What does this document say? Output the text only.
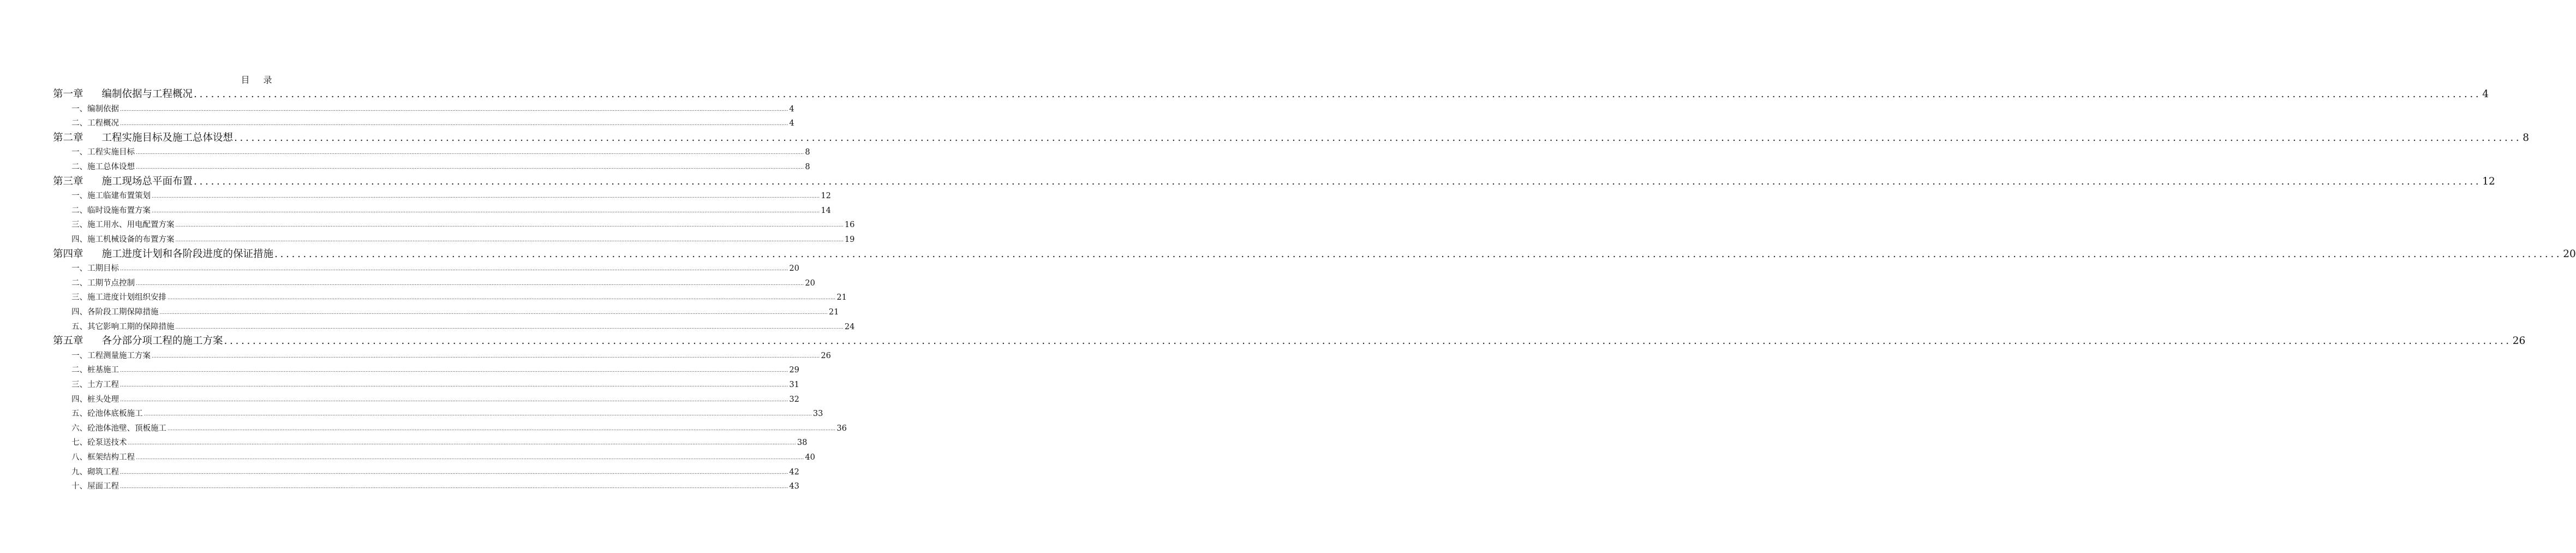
目 录
第一章 编制依据与工程概况 ................................................................................................................................................................................................................................................................................................................................................................................................................ 4
一、 编制依据 ................................................................................................................................................................................................................................................................................................................................................................................................................ 4
二、 工程概况 ................................................................................................................................................................................................................................................................................................................................................................................................................ 4
第二章 工程实施目标及施工总体设想 ................................................................................................................................................................................................................................................................................................................................................................................................................ 8
一、 工程实施目标 ................................................................................................................................................................................................................................................................................................................................................................................................................ 8
二、 施工总体设想 ................................................................................................................................................................................................................................................................................................................................................................................................................ 8
第三章 施工现场总平面布置 ................................................................................................................................................................................................................................................................................................................................................................................................................ 12
一、 施工临建布置策划 ................................................................................................................................................................................................................................................................................................................................................................................................................ 12
二、 临时设施布置方案 ................................................................................................................................................................................................................................................................................................................................................................................................................ 14
三、 施工用水、用电配置方案 ................................................................................................................................................................................................................................................................................................................................................................................................................ 16
四、 施工机械设备的布置方案 ................................................................................................................................................................................................................................................................................................................................................................................................................ 19
第四章 施工进度计划和各阶段进度的保证措施 ................................................................................................................................................................................................................................................................................................................................................................................................................ 20
一、 工期目标 ................................................................................................................................................................................................................................................................................................................................................................................................................ 20
二、 工期节点控制 ................................................................................................................................................................................................................................................................................................................................................................................................................ 20
三、 施工进度计划组织安排 ................................................................................................................................................................................................................................................................................................................................................................................................................ 21
四、 各阶段工期保障措施 ................................................................................................................................................................................................................................................................................................................................................................................................................ 21
五、 其它影响工期的保障措施 ................................................................................................................................................................................................................................................................................................................................................................................................................ 24
第五章 各分部分项工程的施工方案 ................................................................................................................................................................................................................................................................................................................................................................................................................ 26
一、 工程测量施工方案 ................................................................................................................................................................................................................................................................................................................................................................................................................ 26
二、 桩基施工 ................................................................................................................................................................................................................................................................................................................................................................................................................ 29
三、 土方工程 ................................................................................................................................................................................................................................................................................................................................................................................................................ 31
四、 桩头处理 ................................................................................................................................................................................................................................................................................................................................................................................................................ 32
五、 砼池体底板施工 ................................................................................................................................................................................................................................................................................................................................................................................................................ 33
六、 砼池体池壁、顶板施工 ................................................................................................................................................................................................................................................................................................................................................................................................................ 36
七、 砼泵送技术 ................................................................................................................................................................................................................................................................................................................................................................................................................ 38
八、 框架结构工程 ................................................................................................................................................................................................................................................................................................................................................................................................................ 40
九、 砌筑工程 ................................................................................................................................................................................................................................................................................................................................................................................................................ 42
十、 屋面工程 ................................................................................................................................................................................................................................................................................................................................................................................................................ 43
